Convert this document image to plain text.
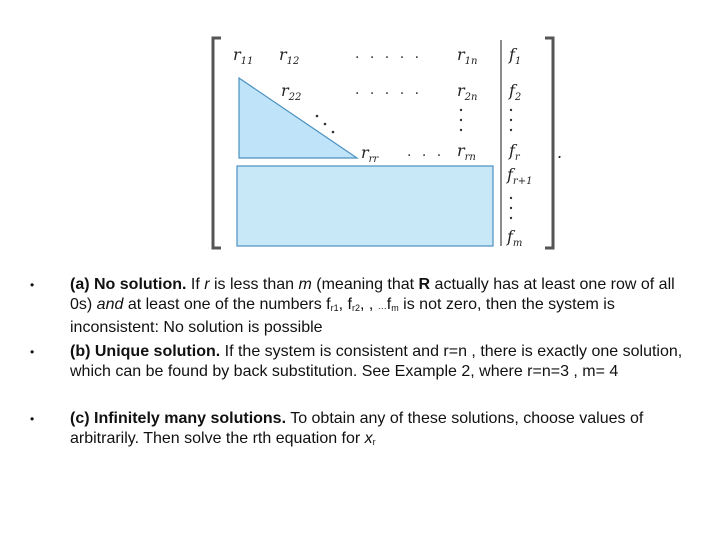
$r_{11}$ $r_{12}$	. . . . . $r_{1n}$ $f_1$
$r_{22}$	. . . . . $r_{2n}$ $f_2$
$r_{rr}$ . . . $r_{rn}$ $f_r$ .
$f_{r+1}$
$f_m$
•	(a) No solution. If r is less than m (meaning that R actually has at least one row of all 0s) and at least one of the numbers fr1, fr2, , ···fm is not zero, then the system is inconsistent: No solution is possible
•	(b) Unique solution. If the system is consistent and r=n , there is exactly one solution, which can be found by back substitution. See Example 2, where r=n=3 , m= 4
•	(c) Infinitely many solutions. To obtain any of these solutions, choose values of arbitrarily. Then solve the rth equation for xr
